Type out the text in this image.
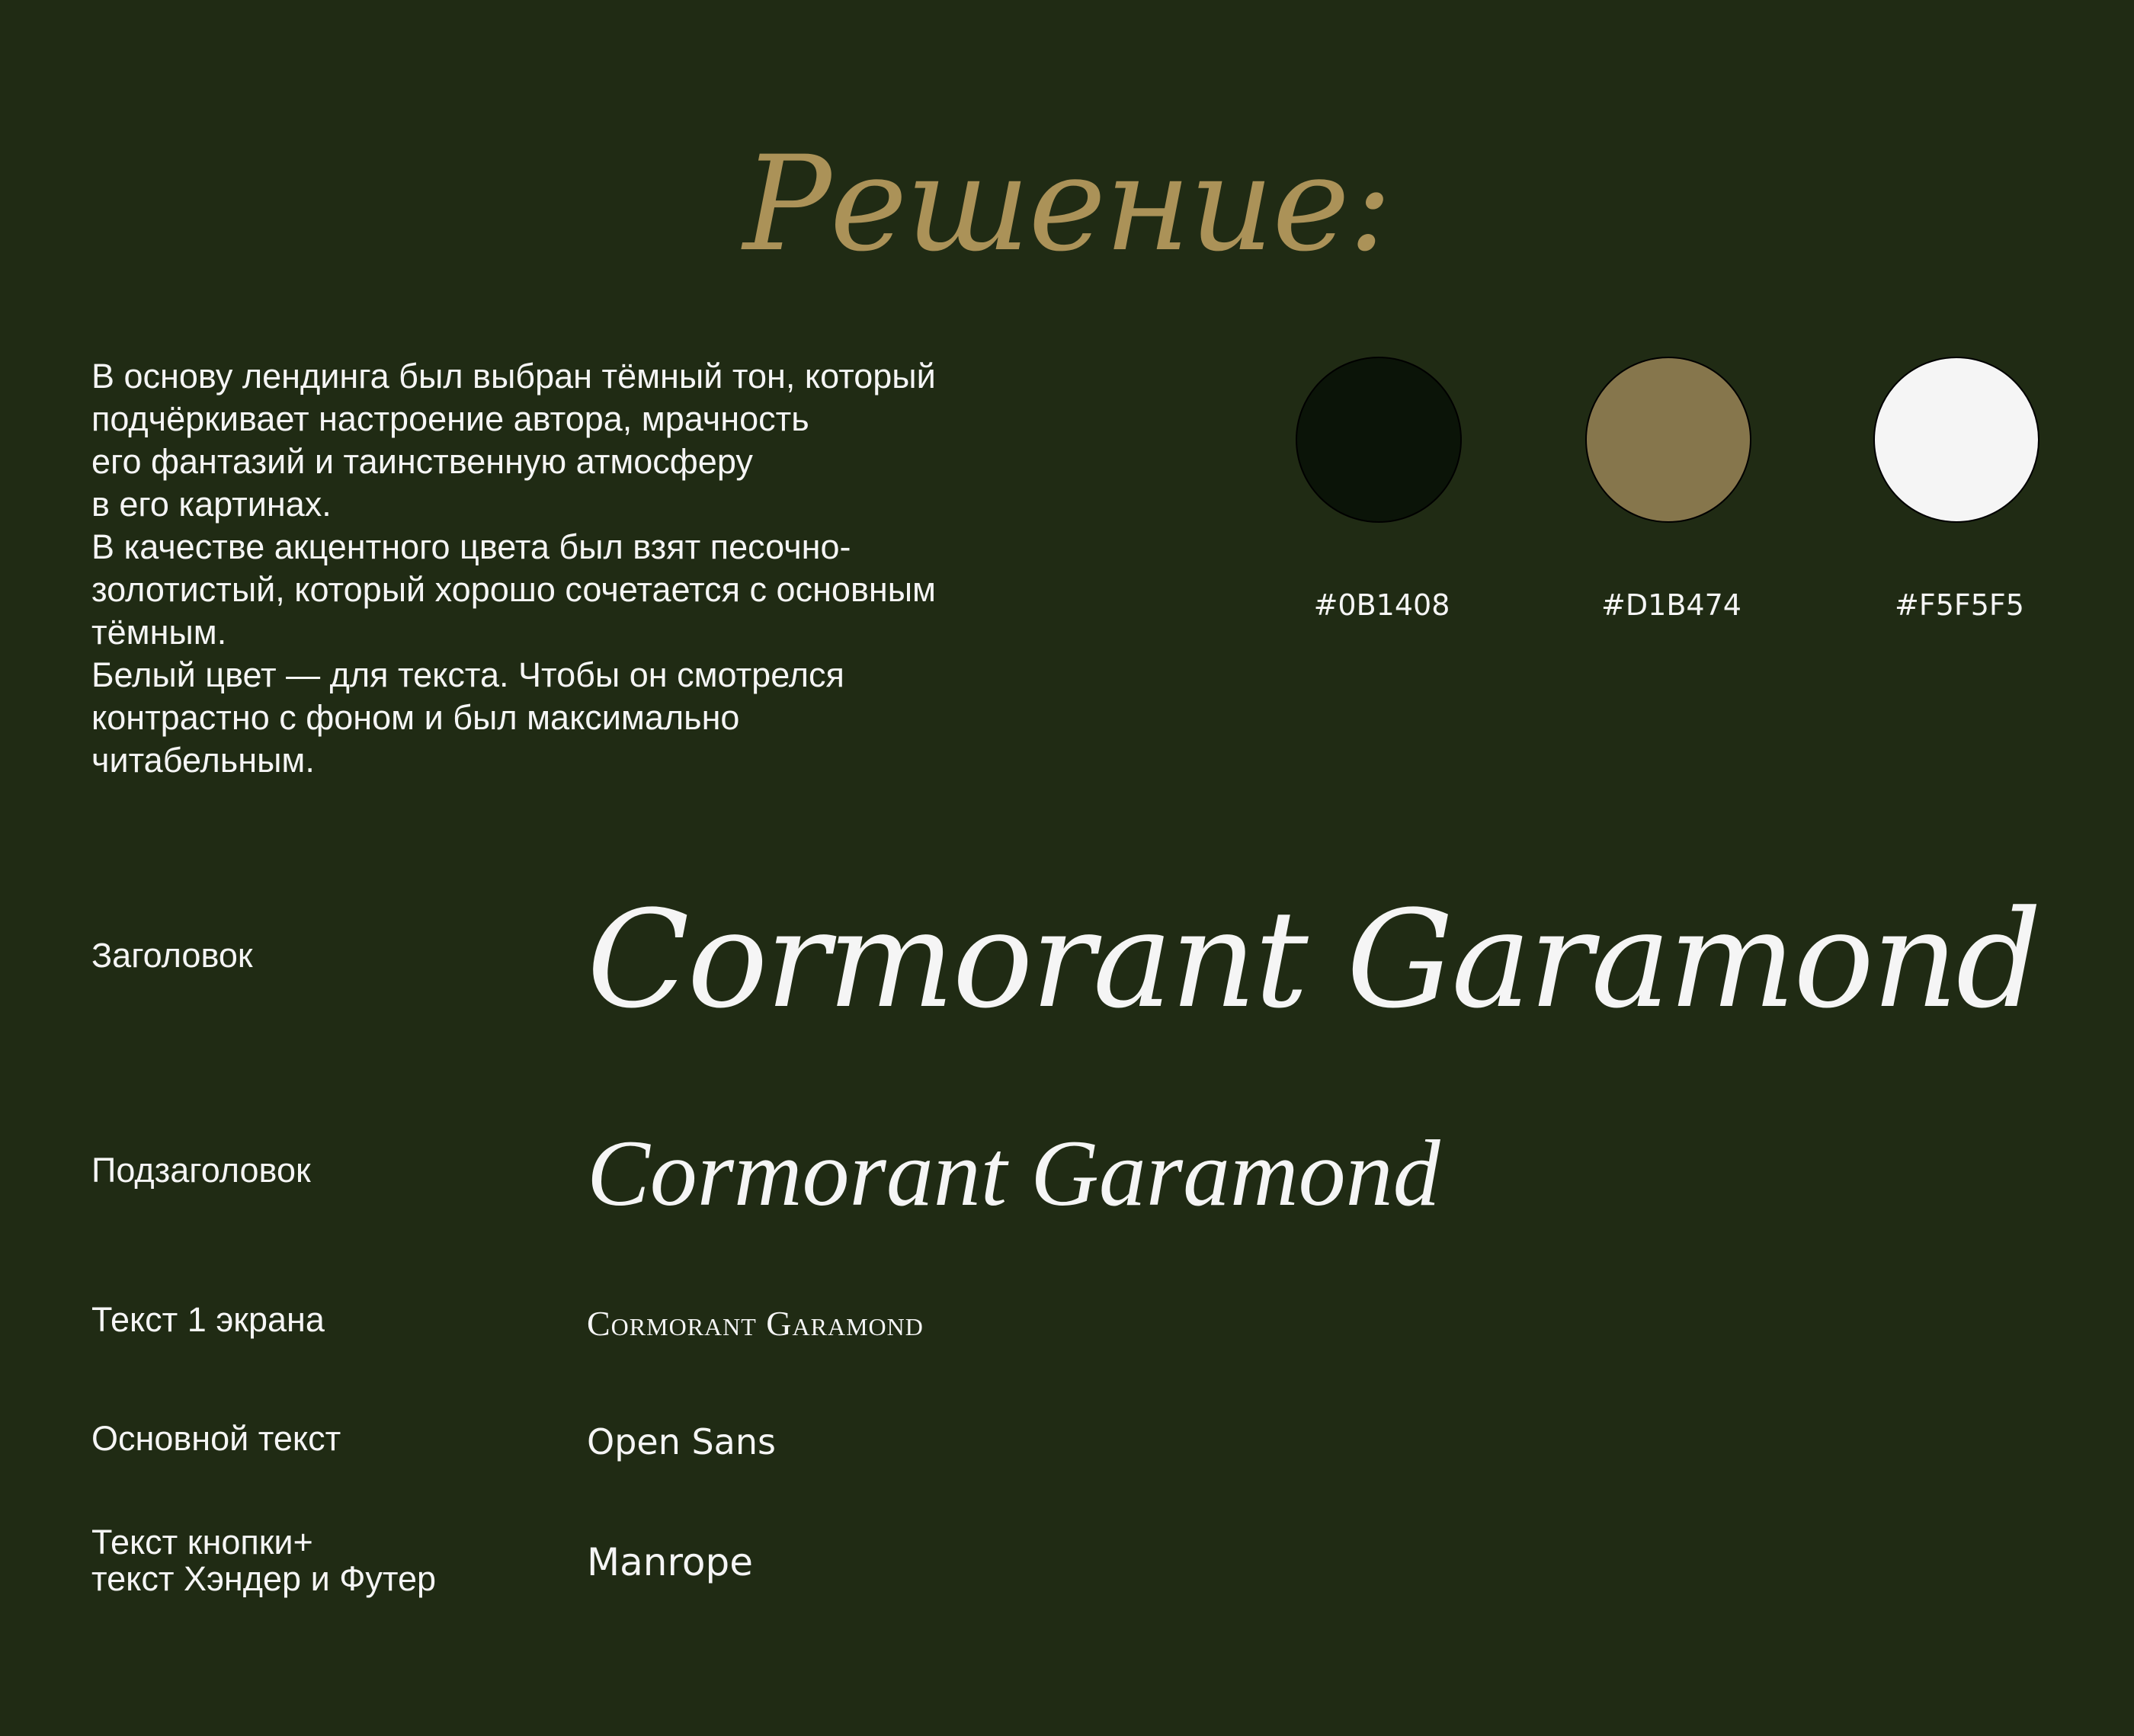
Решение:

В основу лендинга был выбран тёмный тон, который
подчёркивает настроение автора, мрачность
его фантазий и таинственную атмосферу
в его картинах.

В качестве акцентного цвета был взят песочно-
золотистый, который хорошо сочетается с основным
тёмным.

Белый цвет — для текста. Чтобы он смотрелся
контрастно с фоном и был максимально
читабельным.

#0B1408	#D1B474	#F5F5F5
Заголовок Cormorant Garamond
Подзаголовок	Cormorant Garamond
Текст 1 экрана	Cormorant Garamond
Основной текст	Open Sans
Текст кнопки+
текст Хэндер и Футер	Manrope
